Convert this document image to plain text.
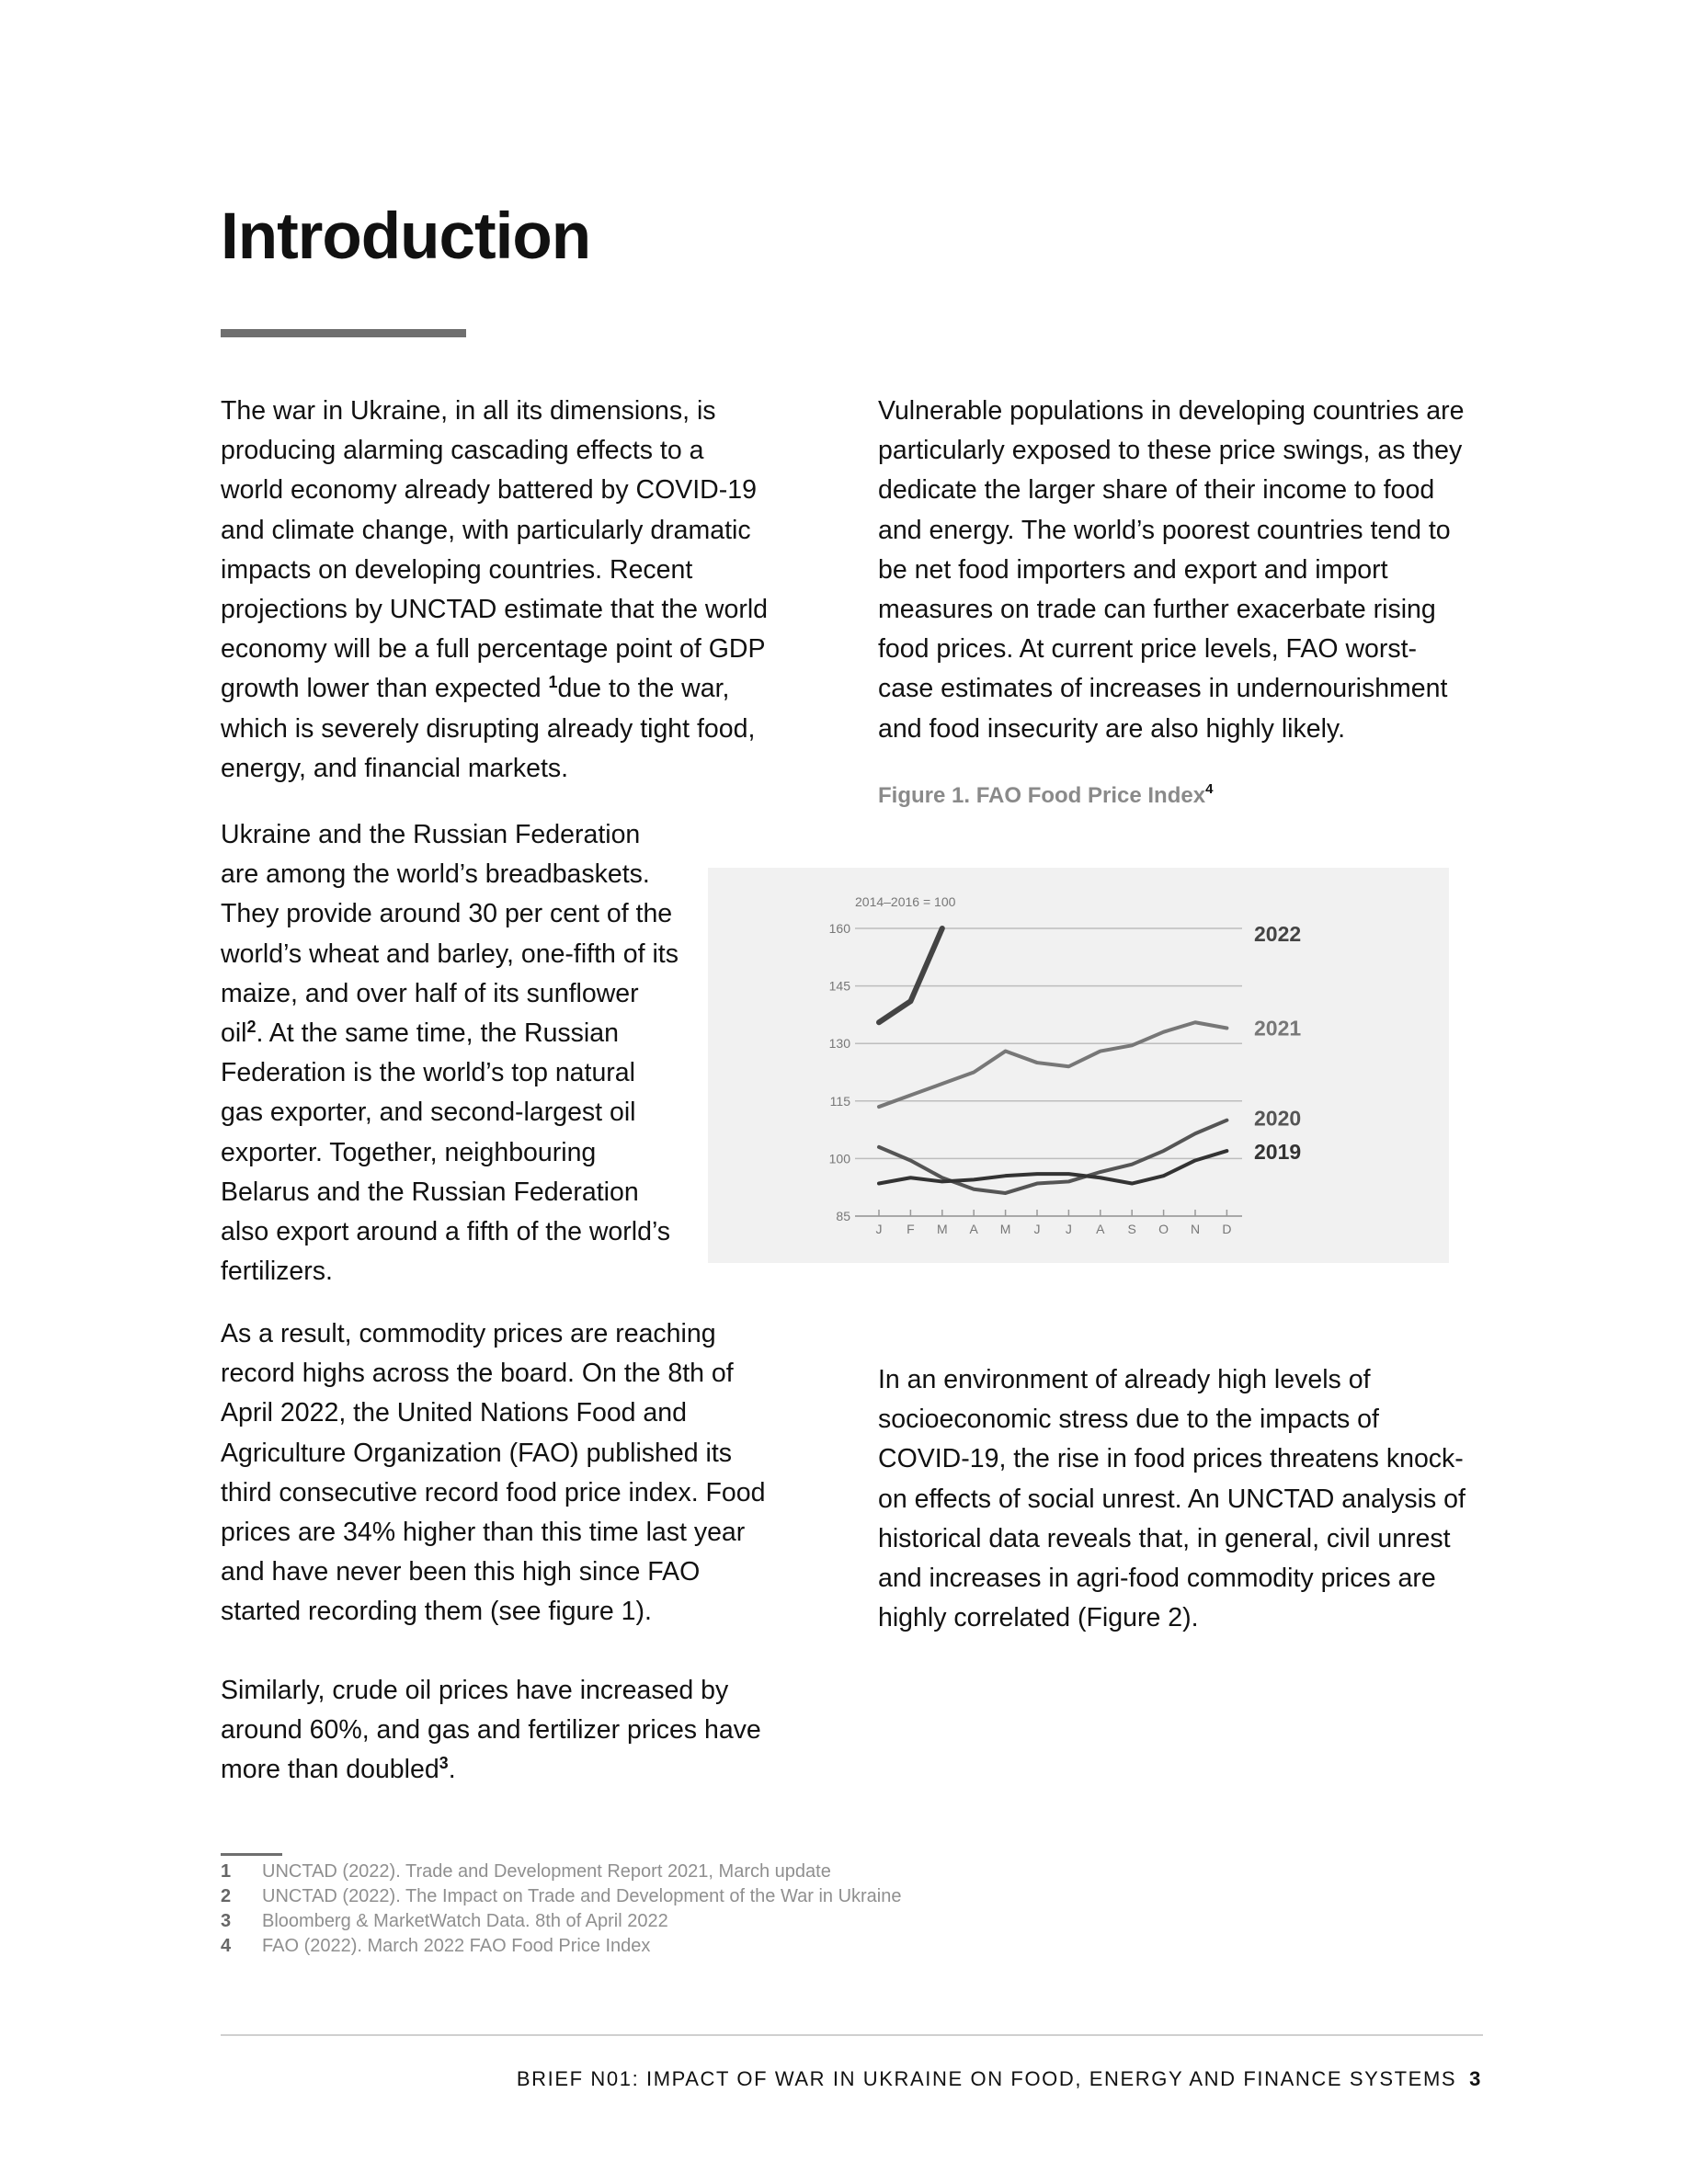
Introduction

The war in Ukraine, in all its dimensions, is producing alarming cascading effects to a world economy already battered by COVID-19 and climate change, with particularly dramatic impacts on developing countries. Recent projections by UNCTAD estimate that the world economy will be a full percentage point of GDP growth lower than expected $^1$due to the war, which is severely disrupting already tight food, energy, and financial markets.

Ukraine and the Russian Federation are among the world’s breadbaskets. They provide around 30 per cent of the world’s wheat and barley, one-fifth of its maize, and over half of its sunflower oil$^2$. At the same time, the Russian Federation is the world’s top natural gas exporter, and second-largest oil exporter. Together, neighbouring Belarus and the Russian Federation also export around a fifth of the world’s fertilizers.

As a result, commodity prices are reaching record highs across the board. On the 8th of April 2022, the United Nations Food and Agriculture Organization (FAO) published its third consecutive record food price index. Food prices are 34% higher than this time last year and have never been this high since FAO started recording them (see figure 1).

Similarly, crude oil prices have increased by around 60%, and gas and fertilizer prices have more than doubled$^3$.

Vulnerable populations in developing countries are particularly exposed to these price swings, as they dedicate the larger share of their income to food and energy. The world’s poorest countries tend to be net food importers and export and import measures on trade can further exacerbate rising food prices. At current price levels, FAO worst-case estimates of increases in undernourishment and food insecurity are also highly likely.

Figure 1. FAO Food Price Index$^4$
85
100
115
130
145
160
J F M A M J J A S O N D
2014–2016 = 100
2022
2021
2020
2019

In an environment of already high levels of socioeconomic stress due to the impacts of COVID-19, the rise in food prices threatens knock-on effects of social unrest. An UNCTAD analysis of historical data reveals that, in general, civil unrest and increases in agri-food commodity prices are highly correlated (Figure 2).

1 UNCTAD (2022). Trade and Development Report 2021, March update
2 UNCTAD (2022). The Impact on Trade and Development of the War in Ukraine
3 Bloomberg & MarketWatch Data. 8th of April 2022
4 FAO (2022). March 2022 FAO Food Price Index
BRIEF N01: IMPACT OF WAR IN UKRAINE ON FOOD, ENERGY AND FINANCE SYSTEMS 3
